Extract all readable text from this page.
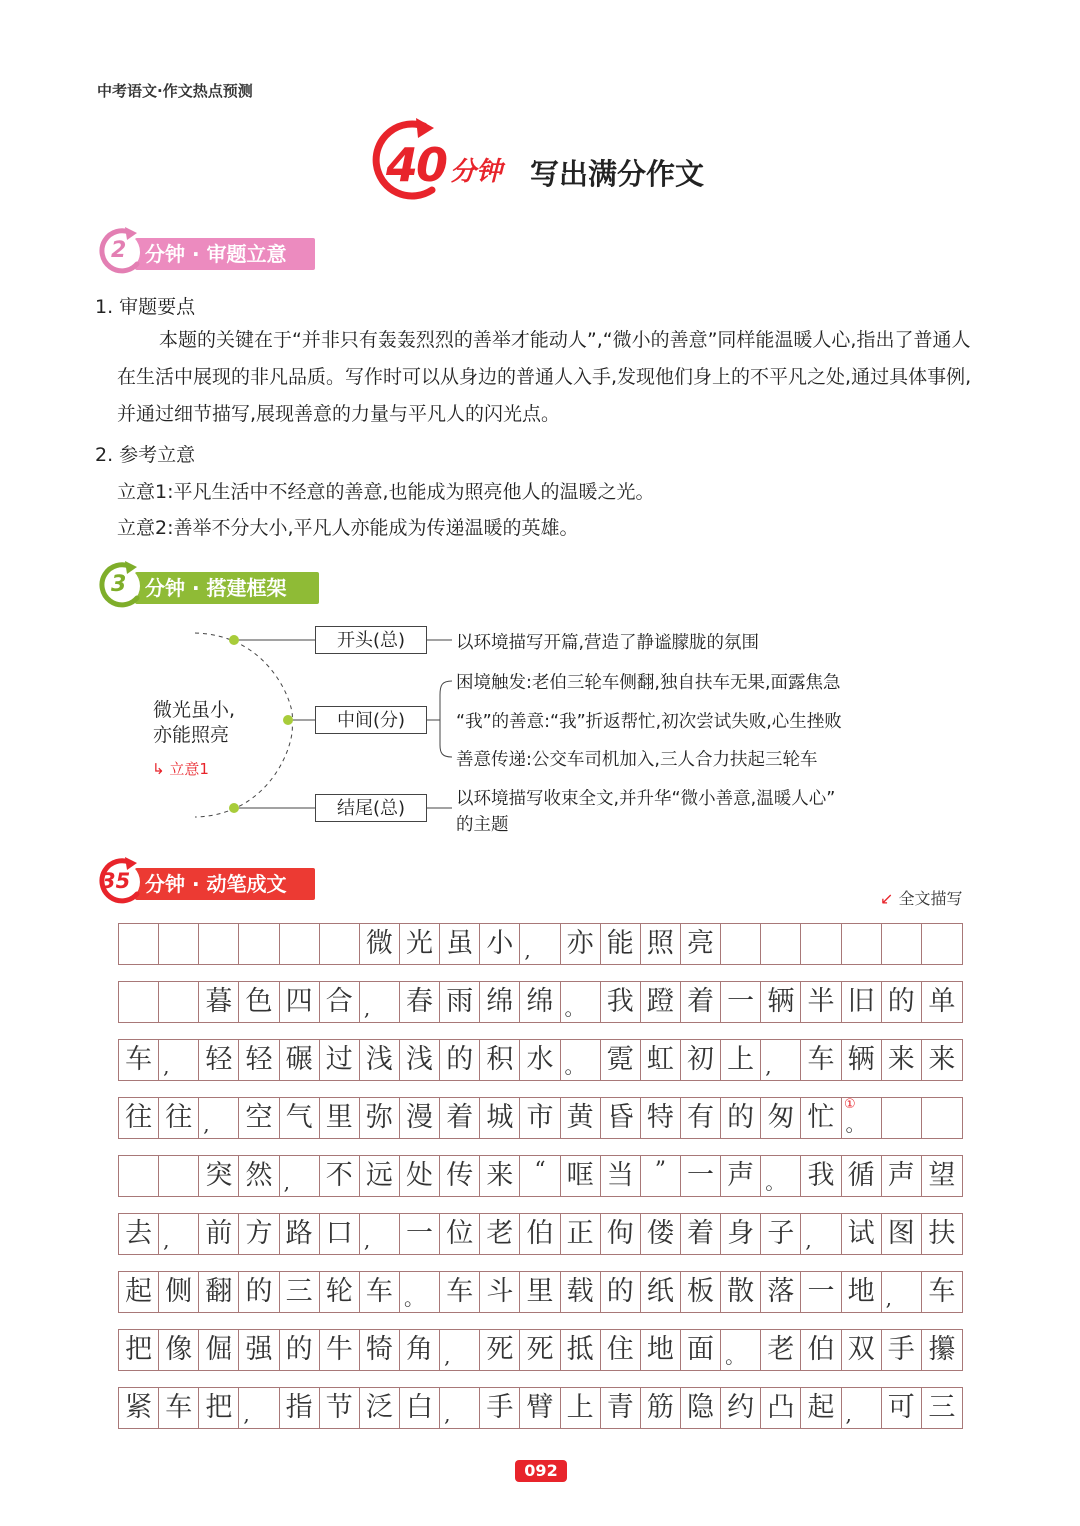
中考语文·作文热点预测
40 分钟 写出满分作文
分钟 · 审题立意
2
1. 审题要点
本题的关键在于“并非只有轰轰烈烈的善举才能动人”,“微小的善意”同样能温暖人心,指出了普通人在生活中展现的非凡品质。写作时可以从身边的普通人入手,发现他们身上的不平凡之处,通过具体事例,并通过细节描写,展现善意的力量与平凡人的闪光点。
2. 参考立意
立意1:平凡生活中不经意的善意,也能成为照亮他人的温暖之光。
立意2:善举不分大小,平凡人亦能成为传递温暖的英雄。
分钟 · 搭建框架
3
微光虽小,
亦能照亮
↳ 立意1
开头(总)	以环境描写开篇,营造了静谧朦胧的氛围
中间(分)
困境触发:老伯三轮车侧翻,独自扶车无果,面露焦急
“我”的善意:“我”折返帮忙,初次尝试失败,心生挫败
善意传递:公交车司机加入,三人合力扶起三轮车
结尾(总)	以环境描写收束全文,并升华“微小善意,温暖人心”
的主题
分钟 · 动笔成文
35
↙ 全文描写
微 光 虽 小 ,	亦 能 照 亮
暮 色 四 合 ,	春 雨 绵 绵 。 我 蹬 着 一 辆 半 旧 的 单
车 ,	轻 轻 碾 过 浅 浅 的 积 水 。 霓 虹 初 上 ,	车 辆 来 来
往 往 ,	空 气 里 弥 漫 着 城 市 黄 昏 特 有 的 匆 忙 。
突 然 ,	不 远 处 传 来 “ 哐 当 ” 一 声 。 我 循 声 望
去 ,	前 方 路 口 ,	一 位 老 伯 正 佝 偻 着 身 子 ,	试 图 扶
起 侧 翻 的 三 轮 车 。 车 斗 里 载 的 纸 板 散 落 一 地 ,	车
把 像 倔 强 的 牛 犄 角 ,	死 死 抵 住 地 面 。 老 伯 双 手 攥
紧 车 把 ,	指 节 泛 白 ,	手 臂 上 青 筋 隐 约 凸 起 ,	可 三
①
092
